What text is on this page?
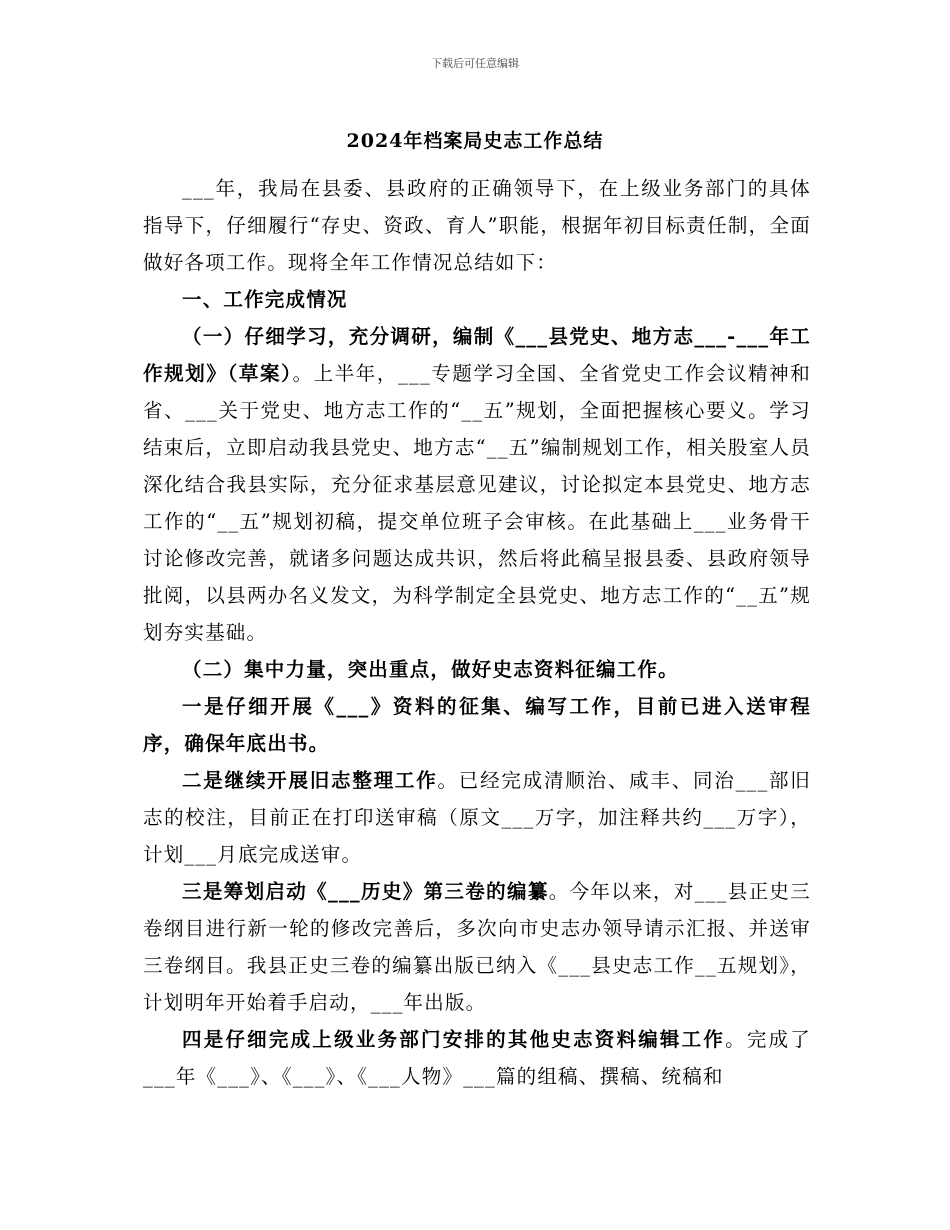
下载后可任意编辑
2024年档案局史志工作总结

___年，我局在县委、县政府的正确领导下，在上级业务部门的具体指导下，仔细履行“存史、资政、育人”职能，根据年初目标责任制，全面做好各项工作。现将全年工作情况总结如下：

一、工作完成情况

（一）仔细学习，充分调研，编制《___县党史、地方志___-___年工作规划》（草案）。上半年，___专题学习全国、全省党史工作会议精神和省、___关于党史、地方志工作的“__五”规划，全面把握核心要义。学习结束后，立即启动我县党史、地方志“__五”编制规划工作，相关股室人员深化结合我县实际，充分征求基层意见建议，讨论拟定本县党史、地方志工作的“__五”规划初稿，提交单位班子会审核。在此基础上___业务骨干讨论修改完善，就诸多问题达成共识，然后将此稿呈报县委、县政府领导批阅，以县两办名义发文，为科学制定全县党史、地方志工作的“__五”规划夯实基础。

（二）集中力量，突出重点，做好史志资料征编工作。

一是仔细开展《___》资料的征集、编写工作，目前已进入送审程序，确保年底出书。

二是继续开展旧志整理工作。已经完成清顺治、咸丰、同治___部旧志的校注，目前正在打印送审稿（原文___万字，加注释共约___万字），计划___月底完成送审。

三是筹划启动《___历史》第三卷的编纂。今年以来，对___县正史三卷纲目进行新一轮的修改完善后，多次向市史志办领导请示汇报、并送审三卷纲目。我县正史三卷的编纂出版已纳入《___县史志工作__五规划》，计划明年开始着手启动，___年出版。

四是仔细完成上级业务部门安排的其他史志资料编辑工作。完成了___年《___》、《___》、《___人物》___篇的组稿、撰稿、统稿和
